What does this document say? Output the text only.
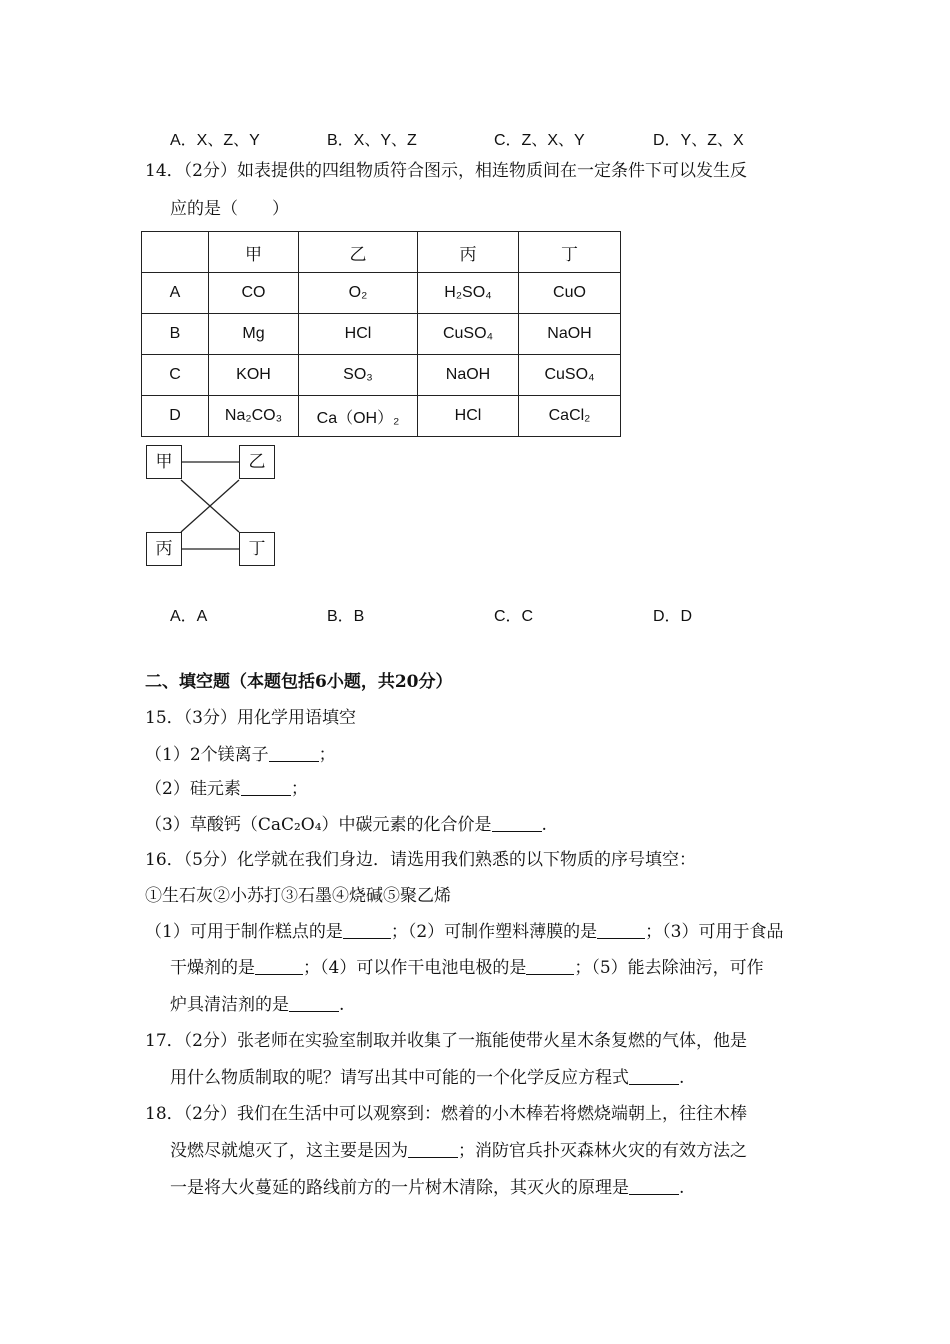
A．X、Z、Y	B．X、Y、Z	C．Z、X、Y	D．Y、Z、X
14．（2分）如表提供的四组物质符合图示，相连物质间在一定条件下可以发生反
应的是（　　）
	甲	乙	丙	丁
A	CO	O₂	H₂SO₄	CuO
B	Mg	HCl	CuSO₄	NaOH
C	KOH	SO₃	NaOH	CuSO₄
D	Na₂CO₃	Ca（OH）₂	HCl	CaCl₂
甲	乙
丙	丁
A．A	B．B	C．C	D．D
二、填空题（本题包括6小题，共20分）
15．（3分）用化学用语填空
（1）2个镁离子	；
（2）硅元素	；
（3）草酸钙（CaC₂O₄）中碳元素的化合价是	.
16．（5分）化学就在我们身边．请选用我们熟悉的以下物质的序号填空：
①生石灰②小苏打③石墨④烧碱⑤聚乙烯
（1）可用于制作糕点的是	；（2）可制作塑料薄膜的是	；（3）可用于食品
干燥剂的是	；（4）可以作干电池电极的是	；（5）能去除油污，可作
炉具清洁剂的是	.
17．（2分）张老师在实验室制取并收集了一瓶能使带火星木条复燃的气体，他是
用什么物质制取的呢？请写出其中可能的一个化学反应方程式	.
18．（2分）我们在生活中可以观察到：燃着的小木棒若将燃烧端朝上，往往木棒
没燃尽就熄灭了，这主要是因为	；消防官兵扑灭森林火灾的有效方法之
一是将大火蔓延的路线前方的一片树木清除，其灭火的原理是	.
